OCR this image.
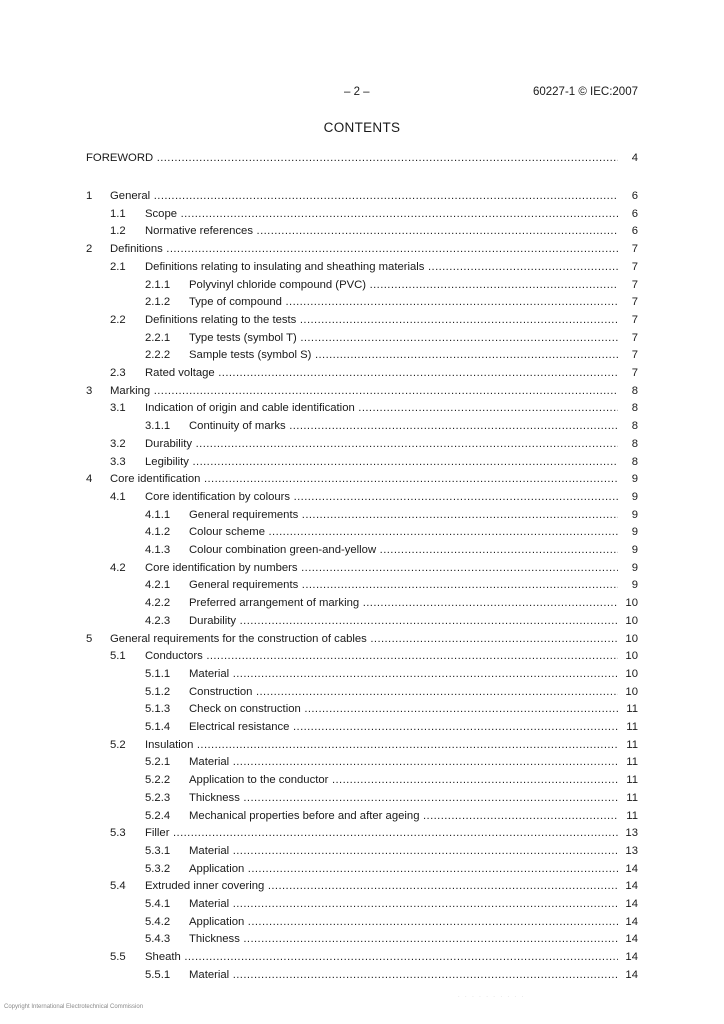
– 2 –	60227-1 © IEC:2007
CONTENTS
FOREWORD .....	4
1 General .....	6
1.1 Scope .....	6
1.2 Normative references .....	6
2 Definitions .....	7
2.1 Definitions relating to insulating and sheathing materials .....	7
2.1.1 Polyvinyl chloride compound (PVC) .....	7
2.1.2 Type of compound .....	7
2.2 Definitions relating to the tests .....	7
2.2.1 Type tests (symbol T) .....	7
2.2.2 Sample tests (symbol S) .....	7
2.3 Rated voltage .....	7
3 Marking .....	8
3.1 Indication of origin and cable identification .....	8
3.1.1 Continuity of marks .....	8
3.2 Durability .....	8
3.3 Legibility .....	8
4 Core identification .....	9
4.1 Core identification by colours .....	9
4.1.1 General requirements .....	9
4.1.2 Colour scheme .....	9
4.1.3 Colour combination green-and-yellow .....	9
4.2 Core identification by numbers .....	9
4.2.1 General requirements .....	9
4.2.2 Preferred arrangement of marking .....	10
4.2.3 Durability .....	10
5 General requirements for the construction of cables .....	10
5.1 Conductors .....	10
5.1.1 Material .....	10
5.1.2 Construction .....	10
5.1.3 Check on construction .....	11
5.1.4 Electrical resistance .....	11
5.2 Insulation .....	11
5.2.1 Material .....	11
5.2.2 Application to the conductor .....	11
5.2.3 Thickness .....	11
5.2.4 Mechanical properties before and after ageing .....	11
5.3 Filler .....	13
5.3.1 Material .....	13
5.3.2 Application .....	14
5.4 Extruded inner covering .....	14
5.4.1 Material .....	14
5.4.2 Application .....	14
5.4.3 Thickness .....	14
5.5 Sheath .....	14
5.5.1 Material .....	14
Copyright International Electrotechnical Commission
· · · · · · · · · ·
